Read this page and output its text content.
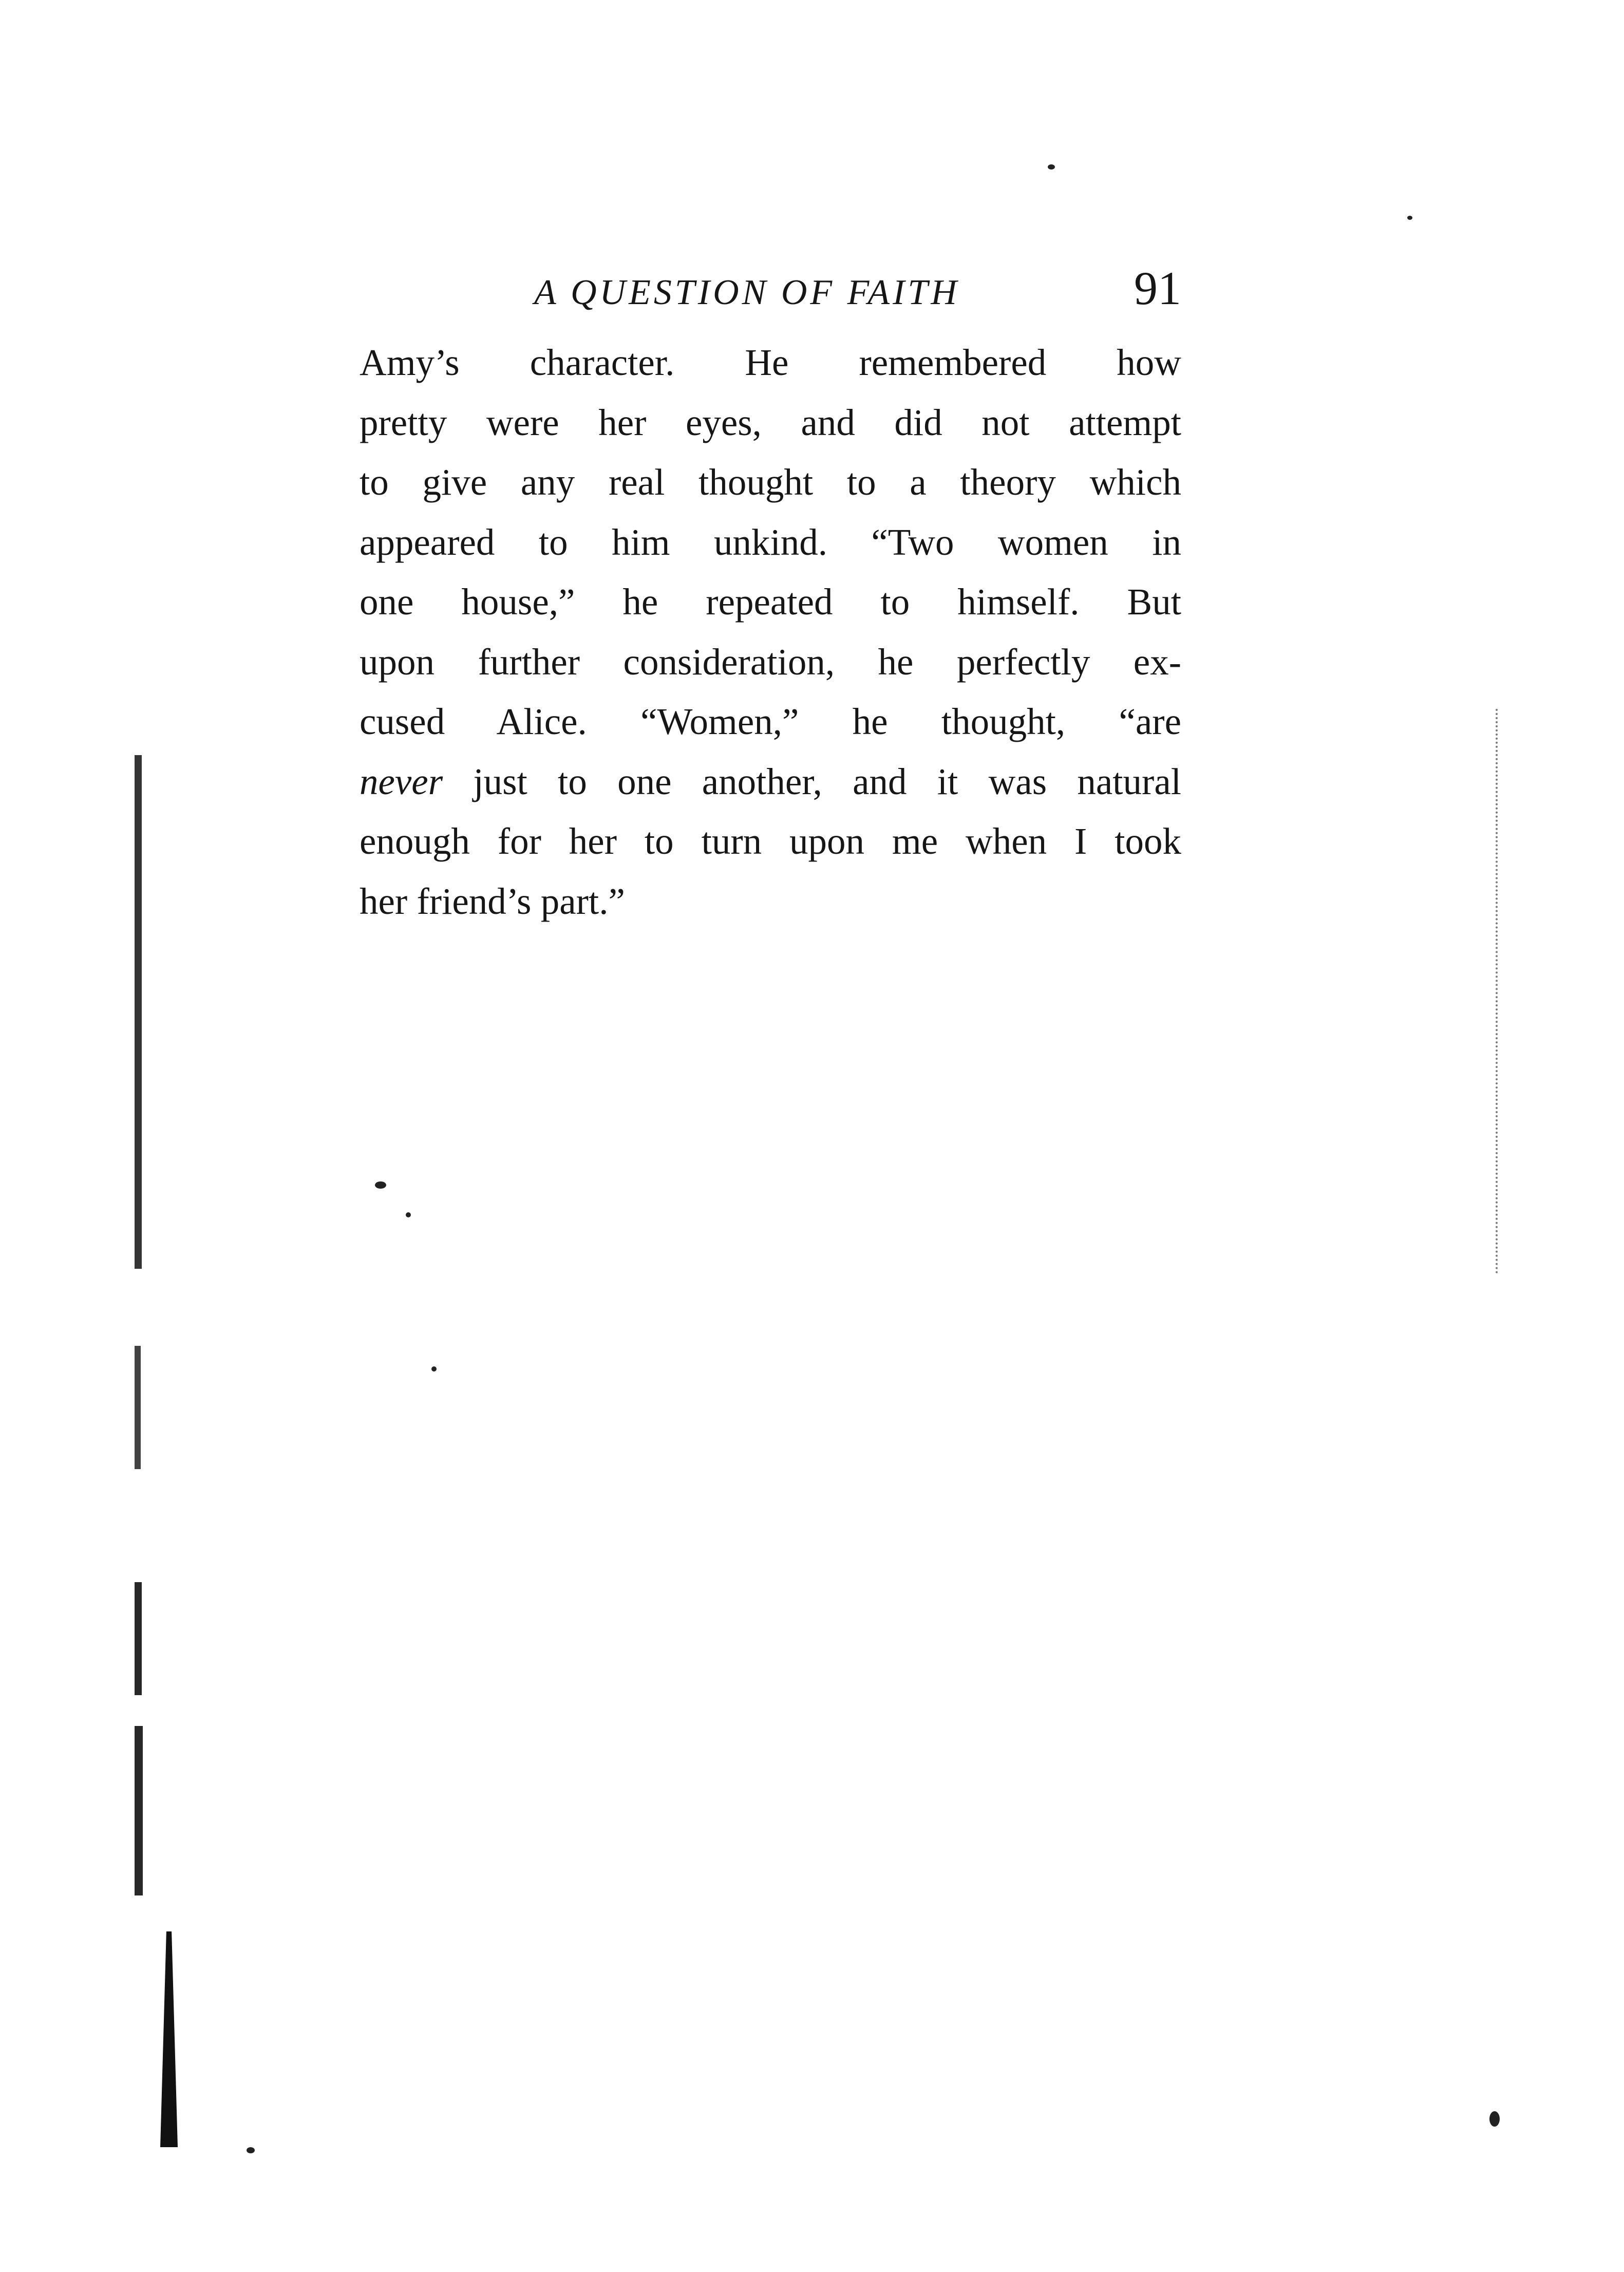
A QUESTION OF FAITH	91
Amy’s character. He remembered how
pretty were her eyes, and did not attempt
to give any real thought to a theory which
appeared to him unkind. “Two women in
one house,” he repeated to himself. But
upon further consideration, he perfectly ex-
cused Alice. “Women,” he thought, “are
never just to one another, and it was natural
enough for her to turn upon me when I took
her friend’s part.”
